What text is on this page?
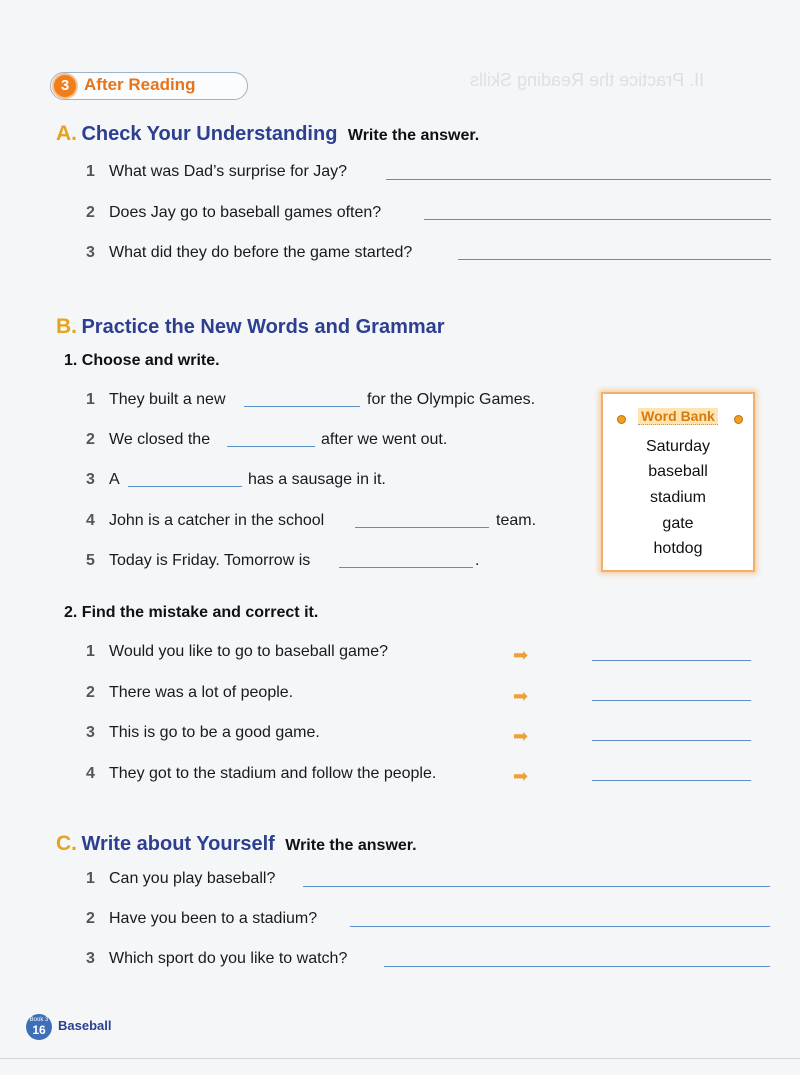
II. Practice the Reading Skills
3 After Reading
A. Check Your Understanding Write the answer.
1 What was Dad’s surprise for Jay?
2 Does Jay go to baseball games often?
3 What did they do before the game started?
B. Practice the New Words and Grammar
1. Choose and write.
1 They built a new	for the Olympic Games.
2 We closed the	after we went out.
3 A	has a sausage in it.
4 John is a catcher in the school	team.
5 Today is Friday. Tomorrow is	.
Word Bank
Saturday
baseball
stadium
gate
hotdog
2. Find the mistake and correct it.
1 Would you like to go to baseball game?	➡
2 There was a lot of people.	➡
3 This is go to be a good game.	➡
4 They got to the stadium and follow the people.	➡
C. Write about Yourself Write the answer.
1 Can you play baseball?
2 Have you been to a stadium?
3 Which sport do you like to watch?
Book 3
16 Baseball
